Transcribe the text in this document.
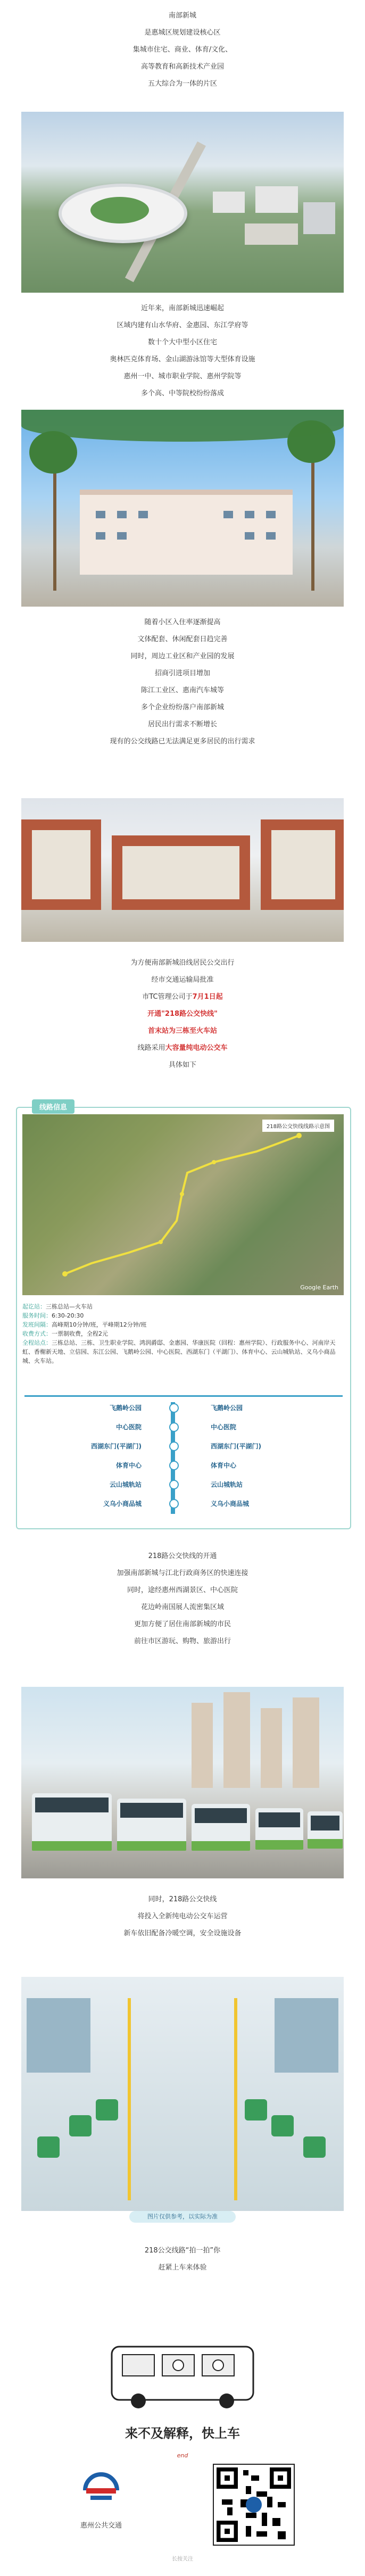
南部新城
是惠城区规划建设核心区
集城市住宅、商业、体育/文化、
高等教育和高新技术产业园
五大综合为一体的片区
近年来，南部新城迅速崛起
区域内建有山水华府、金惠园、东江学府等
数十个大中型小区住宅
奥林匹克体育场、金山湖游泳馆等大型体育设施
惠州一中、城市职业学院、惠州学院等
多个高、中等院校纷纷落成
随着小区入住率逐渐提高
文体配套、休闲配套日趋完善
同时，周边工业区和产业园的发展
招商引进项目增加
陈江工业区、惠南汽车城等
多个企业纷纷落户南部新城
居民出行需求不断增长
现有的公交线路已无法满足更多居民的出行需求
为方便南部新城沿线居民公交出行
经市交通运输局批准
市TC管理公司于7月1日起
开通"218路公交快线"
首末站为三栋至火车站
线路采用大容量纯电动公交车
具体如下
线路信息
218路公交快线线路示意图
Google Earth

起讫站：三栋总站—火车站

服务时间：6:30-20:30

发班间隔：高峰期10分钟/班，平峰期12分钟/班

收费方式：一票制收费，全程2元

全程站点：三栋总站、三栋、卫生职业学院、鸿润爵邸、金惠园、华康医院（回程：惠州学院）、行政服务中心、河南岸天虹、香榭新天地、立信园、东江公园、飞鹅岭公园、中心医院、西湖东门（平湖门）、体育中心、云山城轨站、义乌小商品城、火车站。

飞鹅岭公园	飞鹅岭公园
中心医院	中心医院
西湖东门(平湖门)	西湖东门(平湖门)
体育中心	体育中心
云山城轨站	云山城轨站
义乌小商品城	义乌小商品城
218路公交快线的开通
加强南部新城与江北行政商务区的快速连接
同时，途经惠州西湖景区、中心医院
花边岭南国展人流密集区域
更加方便了居住南部新城的市民
前往市区游玩、购物、旅游出行
同时，218路公交快线
将投入全新纯电动公交车运营
新车依旧配备冷暖空调，安全设施设备
图片仅供参考，以实际为准
218公交线路“拍一拍”你
赶紧上车来体验
来不及解释，快上车
end
惠州公共交通
长按关注
